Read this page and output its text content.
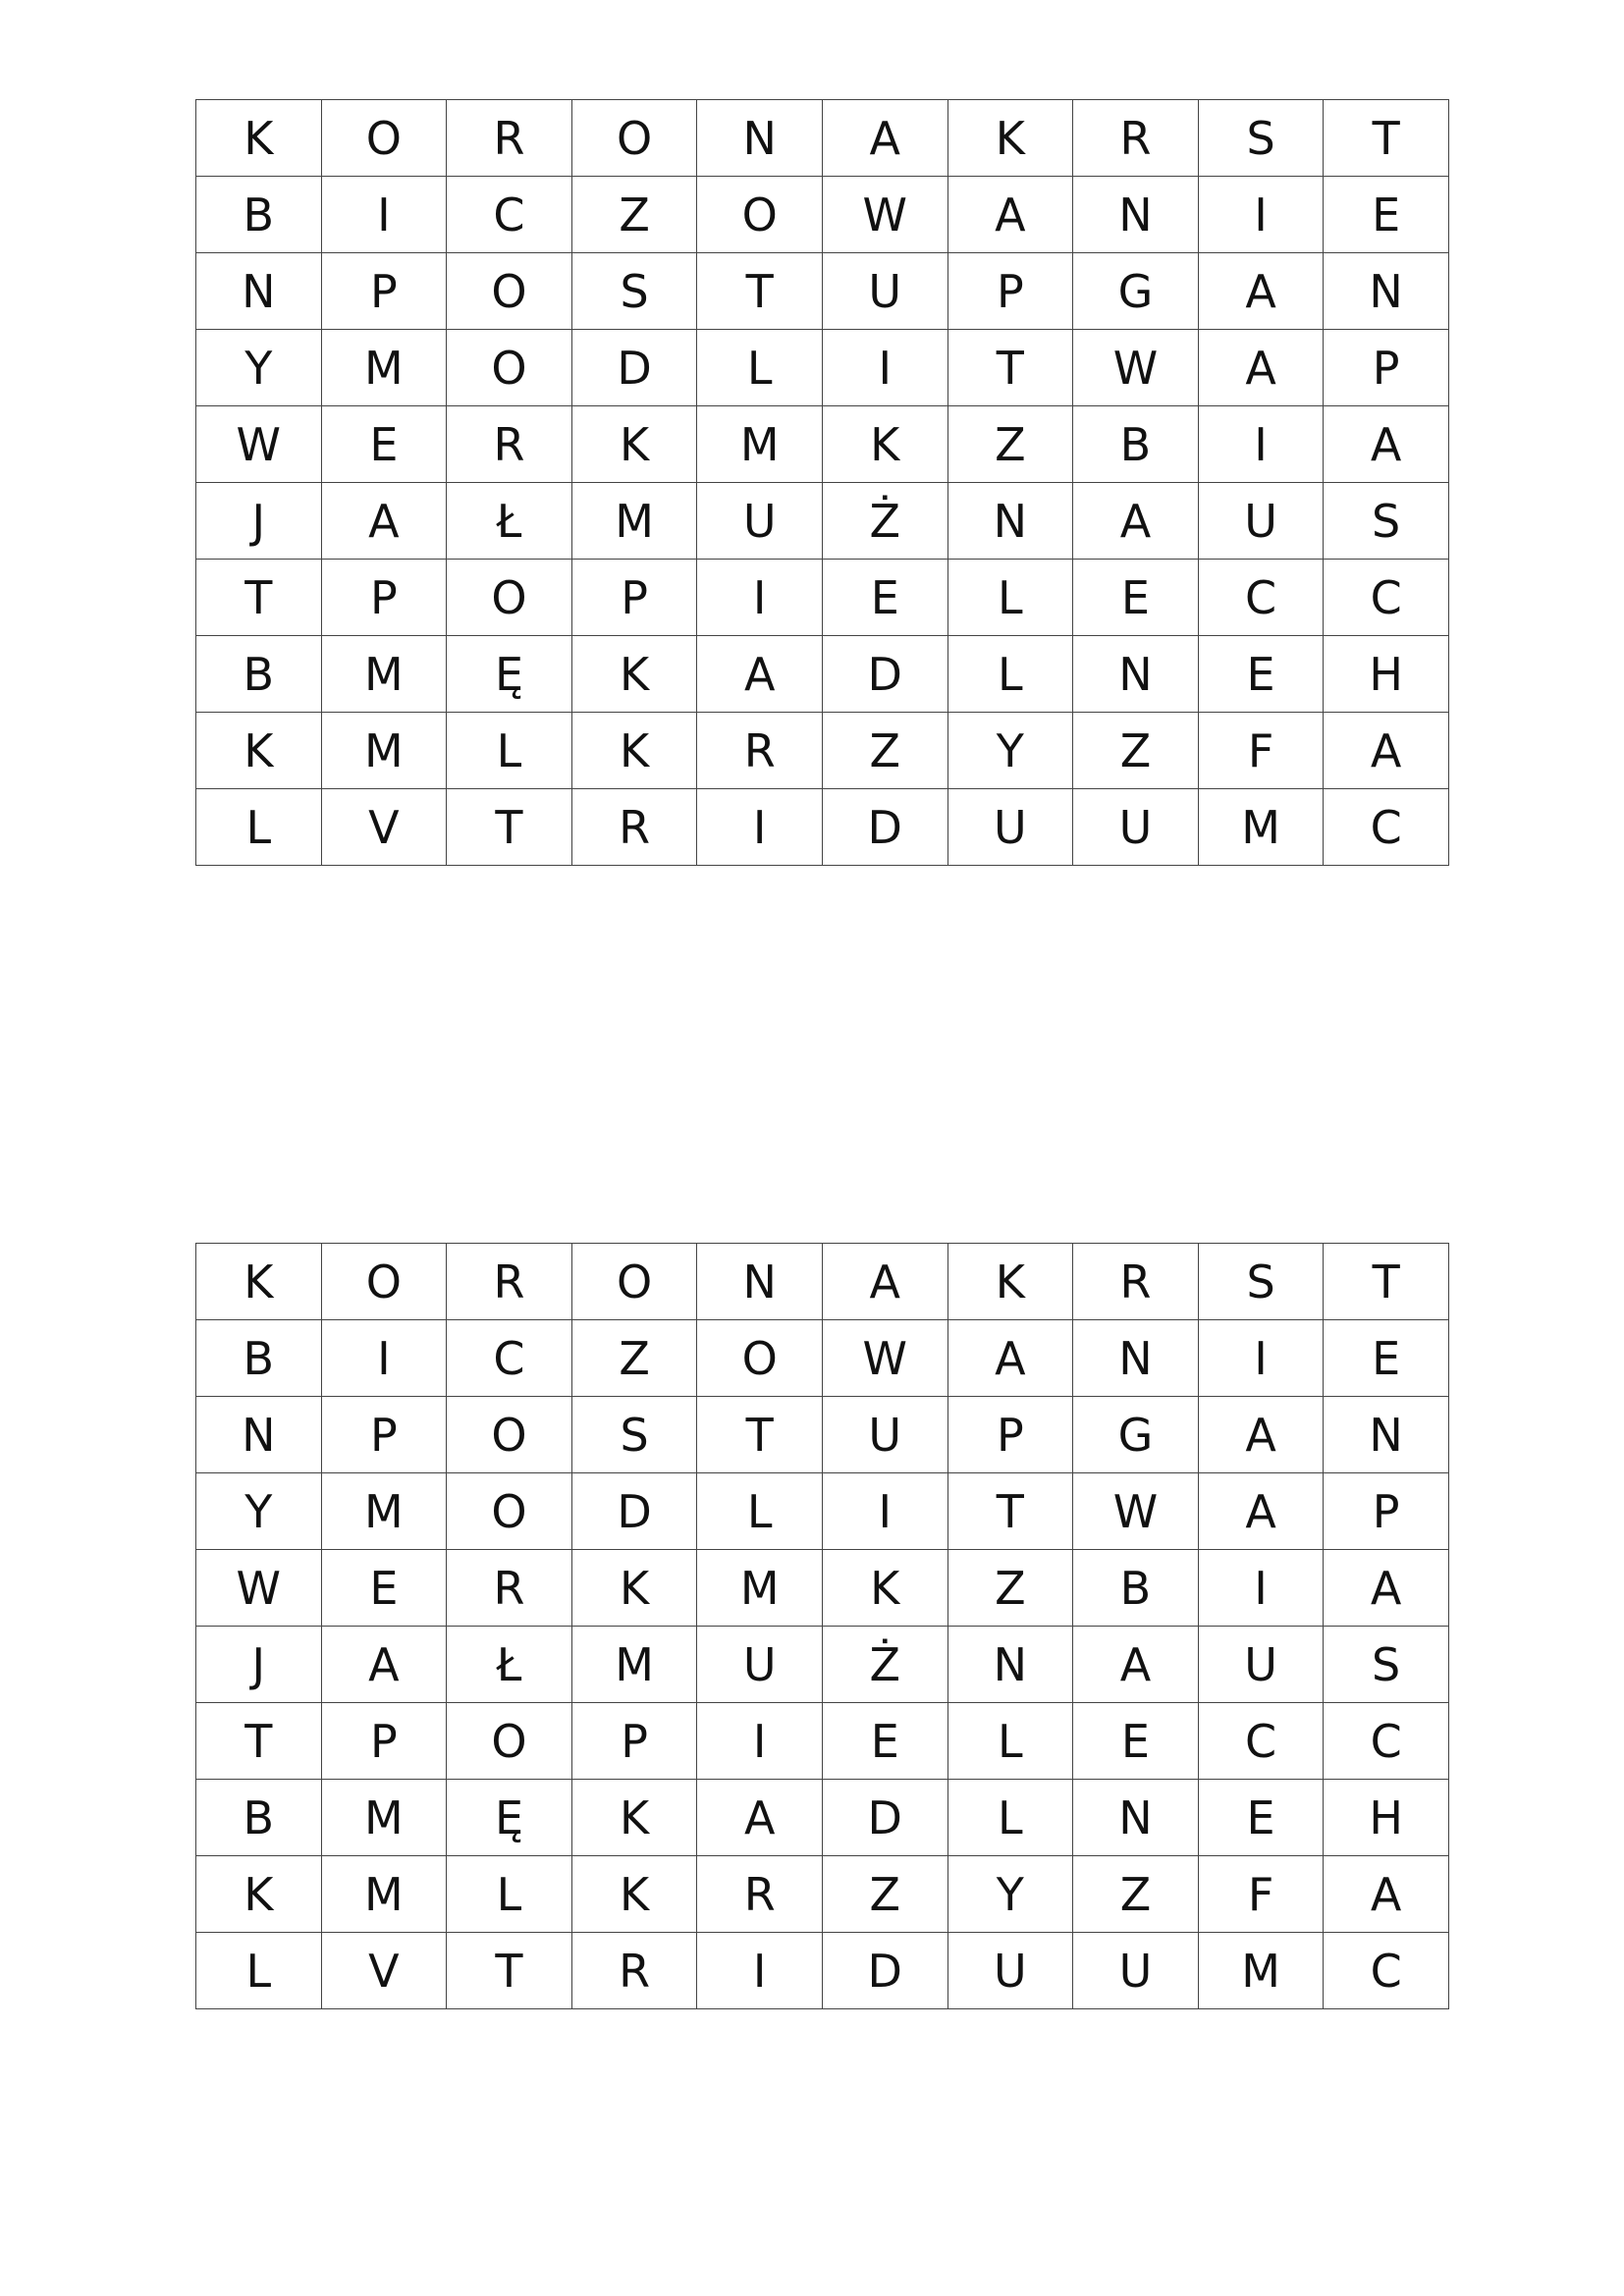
K	O	R	O	N	A	K	R	S	T
B	I	C	Z	O	W	A	N	I	E
N	P	O	S	T	U	P	G	A	N
Y	M	O	D	L	I	T	W	A	P
W	E	R	K	M	K	Z	B	I	A
J	A	Ł	M	U	Ż	N	A	U	S
T	P	O	P	I	E	L	E	C	C
B	M	Ę	K	A	D	L	N	E	H
K	M	L	K	R	Z	Y	Z	F	A
L	V	T	R	I	D	U	U	M	C
K	O	R	O	N	A	K	R	S	T
B	I	C	Z	O	W	A	N	I	E
N	P	O	S	T	U	P	G	A	N
Y	M	O	D	L	I	T	W	A	P
W	E	R	K	M	K	Z	B	I	A
J	A	Ł	M	U	Ż	N	A	U	S
T	P	O	P	I	E	L	E	C	C
B	M	Ę	K	A	D	L	N	E	H
K	M	L	K	R	Z	Y	Z	F	A
L	V	T	R	I	D	U	U	M	C
